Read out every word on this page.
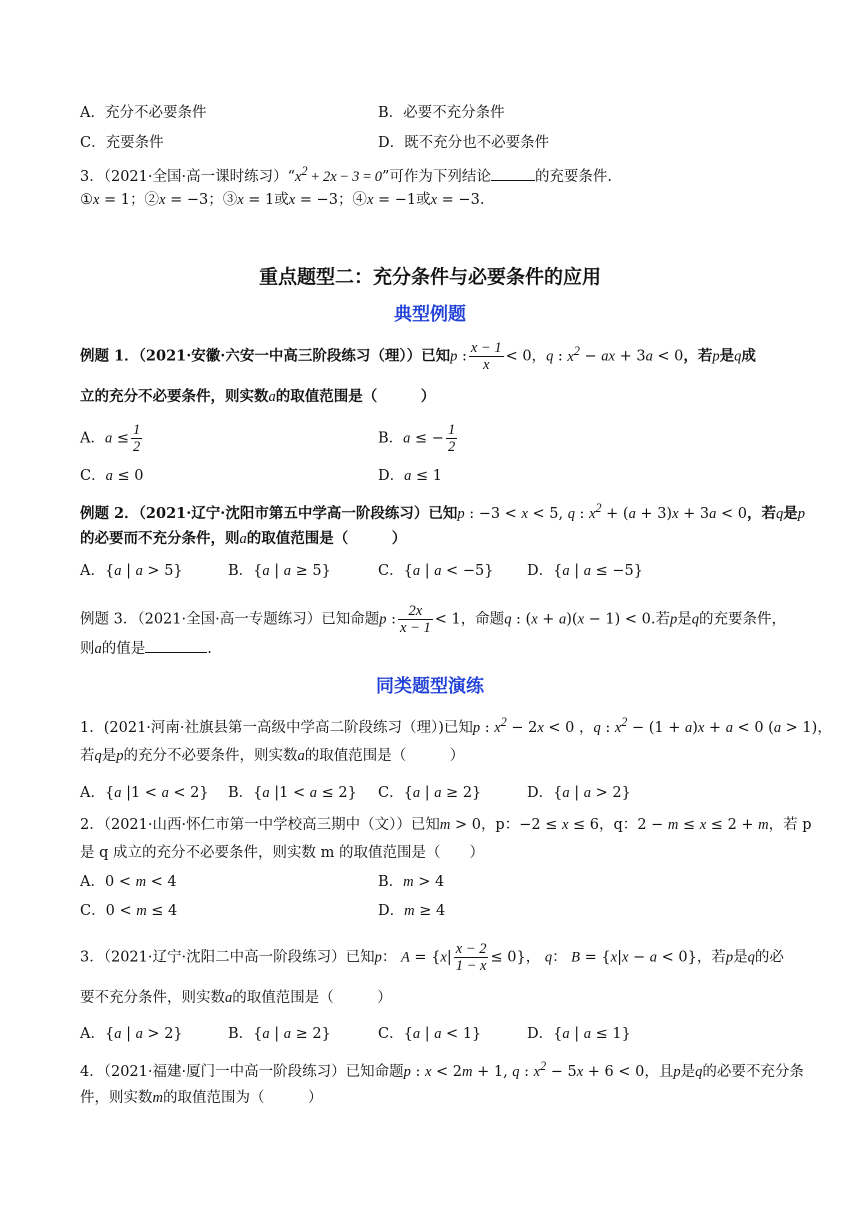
A．充分不必要条件	B．必要不充分条件
C．充要条件	D．既不充分也不必要条件
3．（2021·全国·高一课时练习）“$x^2 + 2x - 3 = 0$”可作为下列结论	的充要条件.
①x = 1；②x = −3；③x = 1或x = −3；④x = −1或x = −3.
重点题型二：充分条件与必要条件的应用
典型例题
例题 1．（2021·安徽·六安一中高三阶段练习（理））已知p : $\frac{x - 1}{x} < 0$，q : $x^2$ − ax + 3a < 0，若p是q成
立的充分不必要条件，则实数a的取值范围是（　　　）
A．$a \le \frac{1}{2}$	B．a ≤ − $\frac{1}{2}$
C．a ≤ 0	D．a ≤ 1
例题 2．（2021·辽宁·沈阳市第五中学高一阶段练习）已知p : −3 < x < 5, q : $x^2 + (a + 3)x + 3a < 0$，若q是p
的必要而不充分条件，则a的取值范围是（　　　）
A．{a | a > 5}	B．{a | a ≥ 5}	C．{a | a < −5} D．{a | a ≤ −5}
例题 3．（2021·全国·高一专题练习）已知命题p : $\frac{2x}{x - 1} < 1$，命题q : (x + a)(x − 1) < 0.若p是q的充要条件，
则a的值是	.
同类题型演练
1．(2021·河南·社旗县第一高级中学高二阶段练习（理）)已知p : $x^2 - 2x < 0$ ，q : $x^2 - (1 + a)x + a < 0$ (a > 1)，
若q是p的充分不必要条件，则实数a的取值范围是（　　　）
A．{a |1 < a < 2} B．{a |1 < a ≤ 2} C．{a | a ≥ 2}	D．{a | a > 2}
2．（2021·山西·怀仁市第一中学校高三期中（文））已知m > 0，p：−2 ≤ x ≤ 6，q：2 − m ≤ x ≤ 2 + m，若 p
是 q 成立的充分不必要条件，则实数 m 的取值范围是（　　）
A．0 < m < 4	B．m > 4
C．0 < m ≤ 4	D．m ≥ 4
3．（2021·辽宁·沈阳二中高一阶段练习）已知p： $A = \{x| \frac{x - 2}{1 - x} \le 0\}$， q： B = {x|x − a < 0}，若p是q的必
要不充分条件，则实数a的取值范围是（　　　）
A．{a | a > 2}	B．{a | a ≥ 2}	C．{a | a < 1}	D．{a | a ≤ 1}
4．（2021·福建·厦门一中高一阶段练习）已知命题p : x < 2m + 1, q : $x^2 - 5x + 6 < 0$，且p是q的必要不充分条
件，则实数m的取值范围为（　　　）
